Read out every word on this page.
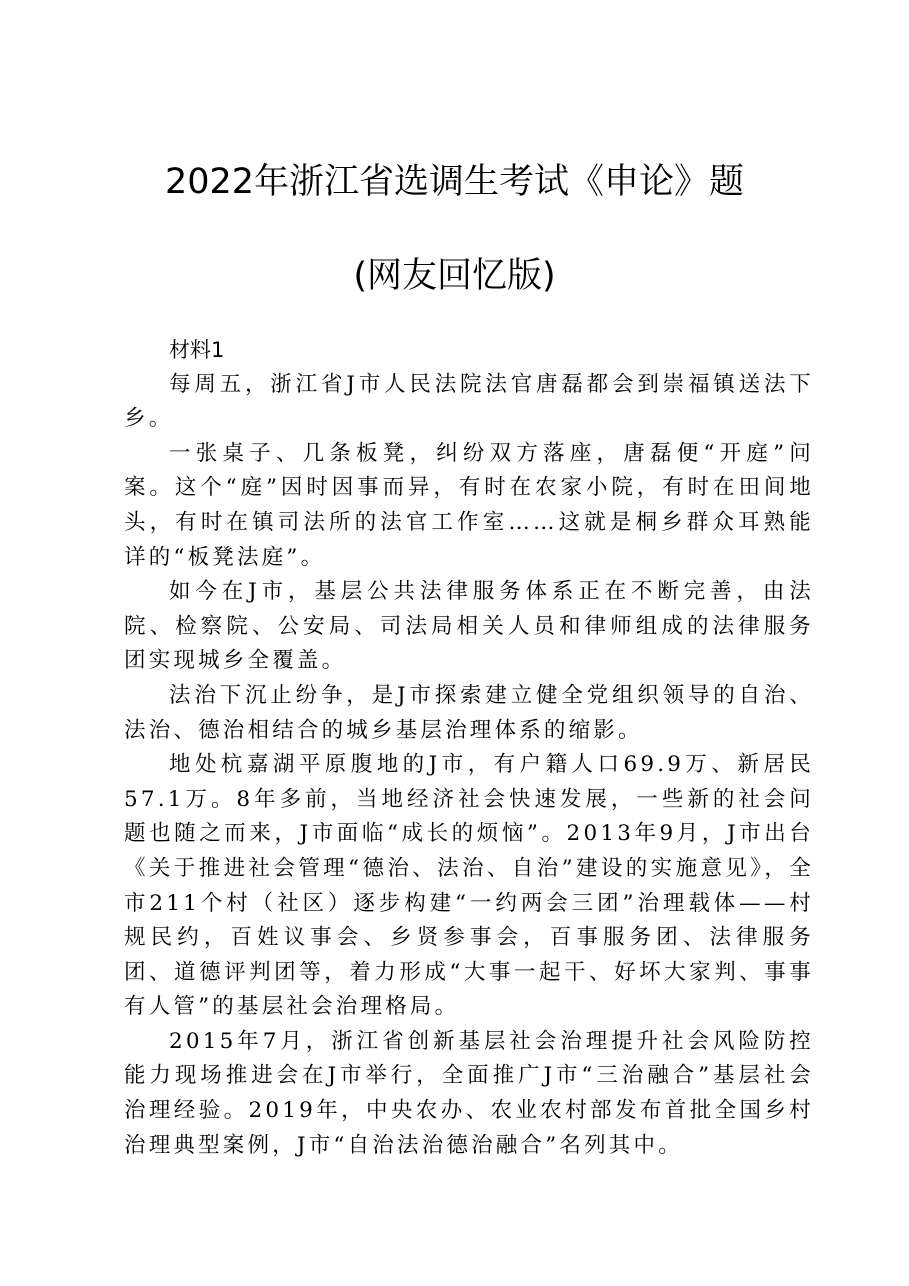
2022年浙江省选调生考试《申论》题
(网友回忆版)

材料1

每周五，浙江省J市人民法院法官唐磊都会到崇福镇送法下乡。

一张桌子、几条板凳，纠纷双方落座，唐磊便“开庭”问案。这个“庭”因时因事而异，有时在农家小院，有时在田间地头，有时在镇司法所的法官工作室……这就是桐乡群众耳熟能详的“板凳法庭”。

如今在J市，基层公共法律服务体系正在不断完善，由法院、检察院、公安局、司法局相关人员和律师组成的法律服务团实现城乡全覆盖。

法治下沉止纷争，是J市探索建立健全党组织领导的自治、法治、德治相结合的城乡基层治理体系的缩影。

地处杭嘉湖平原腹地的J市，有户籍人口69.9万、新居民57.1万。8年多前，当地经济社会快速发展，一些新的社会问题也随之而来，J市面临“成长的烦恼”。2013年9月，J市出台《关于推进社会管理“德治、法治、自治”建设的实施意见》，全市211个村（社区）逐步构建“一约两会三团”治理载体——村规民约，百姓议事会、乡贤参事会，百事服务团、法律服务团、道德评判团等，着力形成“大事一起干、好坏大家判、事事有人管”的基层社会治理格局。

2015年7月，浙江省创新基层社会治理提升社会风险防控能力现场推进会在J市举行，全面推广J市“三治融合”基层社会治理经验。2019年，中央农办、农业农村部发布首批全国乡村治理典型案例，J市“自治法治德治融合”名列其中。
